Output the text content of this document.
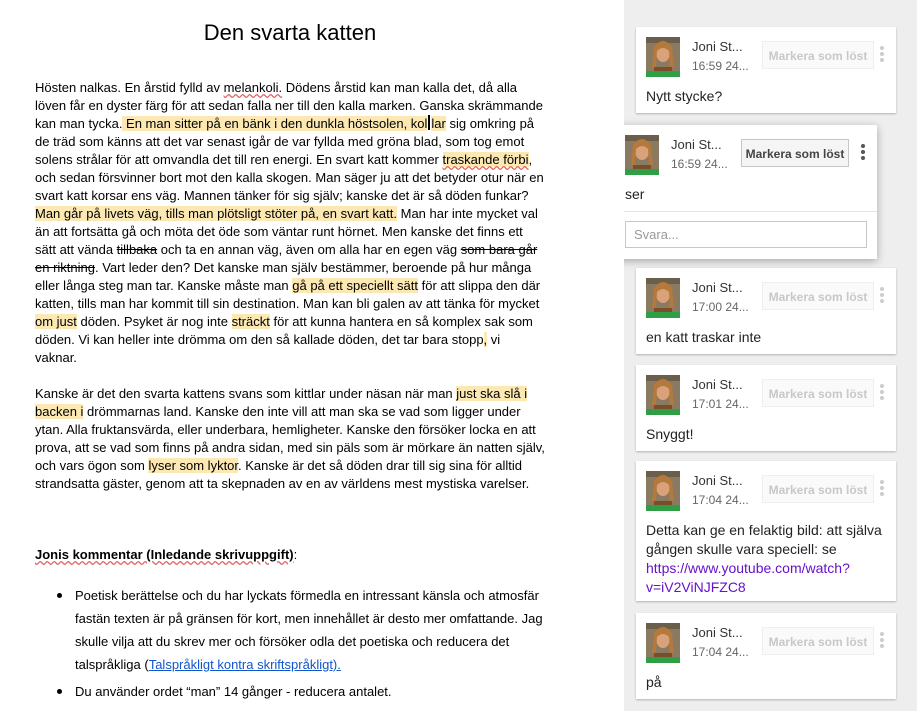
Den svarta katten
Hösten nalkas. En årstid fylld av melankoli. Dödens årstid kan man kalla det, då alla löven får en dyster färg för att sedan falla ner till den kalla marken. Ganska skrämmande kan man tycka. En man sitter på en bänk i den dunkla höstsolen, kol lar sig omkring på de träd som känns att det var senast igår de var fyllda med gröna blad, som tog emot solens strålar för att omvandla det till ren energi. En svart katt kommer traskande förbi, och sedan försvinner bort mot den kalla skogen. Man säger ju att det betyder otur när en svart katt korsar ens väg. Mannen tänker för sig själv; kanske det är så döden funkar? Man går på livets väg, tills man plötsligt stöter på, en svart katt. Man har inte mycket val än att fortsätta gå och möta det öde som väntar runt hörnet. Men kanske det finns ett sätt att vända tillbaka och ta en annan väg, även om alla har en egen väg som bara går en riktning. Vart leder den? Det kanske man själv bestämmer, beroende på hur många eller långa steg man tar. Kanske måste man gå på ett speciellt sätt för att slippa den där katten, tills man har kommit till sin destination. Man kan bli galen av att tänka för mycket om just döden. Psyket är nog inte sträckt för att kunna hantera en så komplex sak som döden. Vi kan heller inte drömma om den så kallade döden, det tar bara stopp, vi vaknar.
Kanske är det den svarta kattens svans som kittlar under näsan när man just ska slå i backen i drömmarnas land. Kanske den inte vill att man ska se vad som ligger under ytan. Alla fruktansvärda, eller underbara, hemligheter. Kanske den försöker locka en att prova, att se vad som finns på andra sidan, med sin päls som är mörkare än natten själv, och vars ögon som lyser som lyktor. Kanske är det så döden drar till sig sina för alltid strandsatta gäster, genom att ta skepnaden av en av världens mest mystiska varelser.
Jonis kommentar (Inledande skrivuppgift):
Poetisk berättelse och du har lyckats förmedla en intressant känsla och atmosfär fastän texten är på gränsen för kort, men innehållet är desto mer omfattande. Jag skulle vilja att du skrev mer och försöker odla det poetiska och reducera det talspråkliga (Talspråkligt kontra skriftspråkligt).
Du använder ordet “man” 14 gånger - reducera antalet.
Joni St...
16:59 24...
Markera som löst
Nytt stycke?
Joni St...
16:59 24...
Markera som löst
ser
Svara...
Joni St...
17:00 24...
Markera som löst
en katt traskar inte
Joni St...
17:01 24...
Markera som löst
Snyggt!
Joni St...
17:04 24...
Markera som löst
Detta kan ge en felaktig bild: att själva gången skulle vara speciell: se https://www.youtube.com/watch?v=iV2ViNJFZC8
Joni St...
17:04 24...
Markera som löst
på
